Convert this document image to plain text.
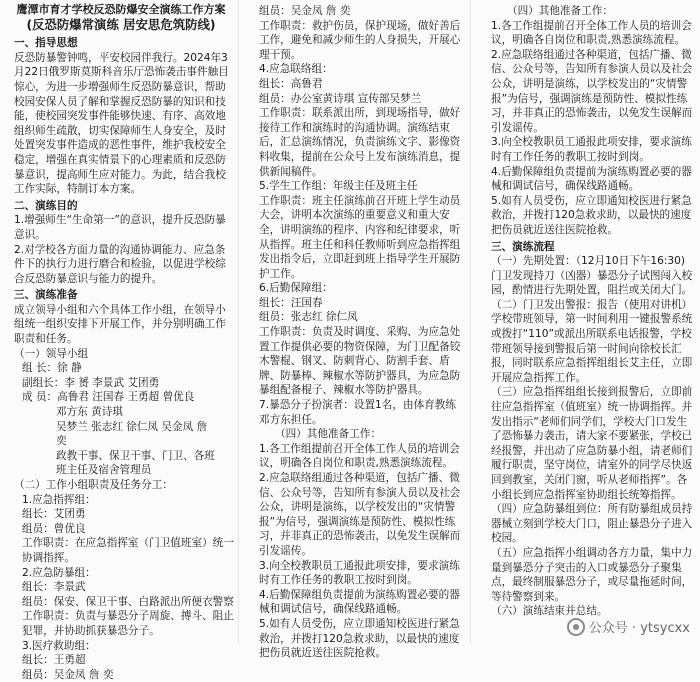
鹰潭市育才学校反恐防爆安全演练工作方案

(反恐防爆常演练 居安思危筑防线)

一、指导思想

反恐防暴警钟鸣，平安校园伴我行。2024年3月22日俄罗斯莫斯科音乐厅恐怖袭击事件触目惊心，为进一步增强师生反恐防暴意识，帮助校园安保人员了解和掌握反恐防暴的知识和技能，使校园突发事件能够快速、有序、高效地组织师生疏散，切实保障师生人身安全，及时处置突发事件造成的恶性事件，维护我校安全稳定，增强在真实情景下的心理素质和反恐防暴意识，提高师生应对能力。为此，结合我校工作实际，特制订本方案。

二、演练目的

1.增强师生“生命第一”的意识，提升反恐防暴意识。

2.对学校各方面力量的沟通协调能力、应急条件下的执行力进行磨合和检验，以促进学校综合反恐防暴意识与能力的提升。

三、演练准备

成立领导小组和六个具体工作小组，在领导小组统一组织安排下开展工作，并分别明确工作职责和任务。

（一）领导小组

组 长：徐 静

副组长：李 赟 李景武 艾团勇

成 员：高鲁君 汪国春 王勇超 曾优良

邓方东 黄诗琪

吴梦兰 张志红 徐仁凤 吴金凤 詹

奕

政教干事、保卫干事、门卫、各班

班主任及宿舍管理员

（二）工作小组职责及任务分工：

1.应急指挥组：

组长：艾团勇

组员：曾优良

工作职责：在应急指挥室（门卫值班室）统一协调指挥。

2.应急防暴组：

组长：李景武

组员：保安、保卫干事、白路派出所便衣警察

工作职责：负责与暴恐分子周旋、搏斗、阻止犯罪，并协助抓获暴恐分子。

3.医疗救助组：

组长：王勇超

组员：吴金凤 詹 奕

组员：吴金凤 詹 奕

工作职责：救护伤员，保护现场，做好善后工作，避免和减少师生的人身损失，开展心理干预。

4.应急联络组：

组长：高鲁君

组员：办公室黄诗琪 宣传部吴梦兰

工作职责：联系派出所，到现场指导，做好接待工作和演练时的沟通协调。演练结束后，汇总演练情况，负责演练文字、影像资料收集，提前在公众号上发布演练消息，提供新闻稿件。

5.学生工作组：年级主任及班主任

工作职责：班主任演练前召开班上学生动员大会，讲明本次演练的重要意义和重大安全，讲明演练的程序、内容和纪律要求，听从指挥。班主任和科任教师听到应急指挥组发出指令后，立即赶到班上指导学生开展防护工作。

6.后勤保障组：

组长：汪国春

组员：张志红 徐仁凤

工作职责：负责及时调度、采购、为应急处置工作提供必要的物资保障，为门卫配备铰木警棍、钢叉、防刺背心、防割手套、盾牌、防暴棒、辣椒水等防护器具，为应急防暴组配备棍子、辣椒水等防护器具。

7.暴恐分子扮演者：设置1名，由体育教练邓方东担任。

（四）其他准备工作：

1.各工作组提前召开全体工作人员的培训会议，明确各自岗位和职责,熟悉演练流程。

2.应急联络组通过各种渠道，包括广播、微信、公众号等，告知所有参演人员以及社会公众，讲明是演练，以学校发出的“灾情警报”为信号，强调演练是预防性、模拟性练习，并非真正的恐怖袭击，以免发生误解而引发谣传。

3.向全校教职员工通报此项安排，要求演练时有工作任务的教职工按时到岗。

4.后勤保障组负责提前为演练购置必要的器械和调试信号，确保线路通畅。

5.如有人员受伤，应立即通知校医进行紧急救治，并拨打120急救求助，以最快的速度把伤员就近送往医院抢救。

（四）其他准备工作：

1.各工作组提前召开全体工作人员的培训会议，明确各自岗位和职责,熟悉演练流程。

2.应急联络组通过各种渠道，包括广播、微信、公众号等，告知所有参演人员以及社会公众，讲明是演练，以学校发出的“灾情警报”为信号，强调演练是预防性、模拟性练习，并非真正的恐怖袭击，以免发生误解而引发谣传。

3.向全校教职员工通报此项安排，要求演练时有工作任务的教职工按时到岗。

4.后勤保障组负责提前为演练购置必要的器械和调试信号，确保线路通畅。

5.如有人员受伤，应立即通知校医进行紧急救治，并拨打120急救求助，以最快的速度把伤员就近送往医院抢救。

三、演练流程

（一）先期处置：（12月10日下午16:30)门卫发现持刀（凶器）暴恐分子试图闯入校园，酌情进行先期处置，阻拦或关闭大门。

（二）门卫发出警报：报告（使用对讲机）学校带班领导，第一时间利用一键报警系统或拨打“110”或派出所联系电话报警，学校带班领导接到警报后第一时间向徐校长汇报，同时联系应急指挥组组长艾主任，立即开展应急指挥工作。

（三）应急指挥组组长接到报警后，立即前往应急指挥室（值班室）统一协调指挥。并发出指示“老师们同学们，学校大门口发生了恐怖暴力袭击，请大家不要紧张，学校已经报警，并出动了应急防暴小组，请老师们履行职责，坚守岗位，请室外的同学尽快返回到教室，关闭门窗，听从老师指挥”。各小组长到应急指挥室协助组长统筹指挥。

（四）应急防暴组到位：所有防暴组成员持器械立刻到学校大门口，阻止暴恐分子进入校园。

（五）应急指挥小组调动各方力量，集中力量到暴恐分子突击的入口或暴恐分子聚集点，最终制服暴恐分子，或尽量拖延时间，等待警察到来。

（六）演练结束并总结。

公众号 · ytsycxx
